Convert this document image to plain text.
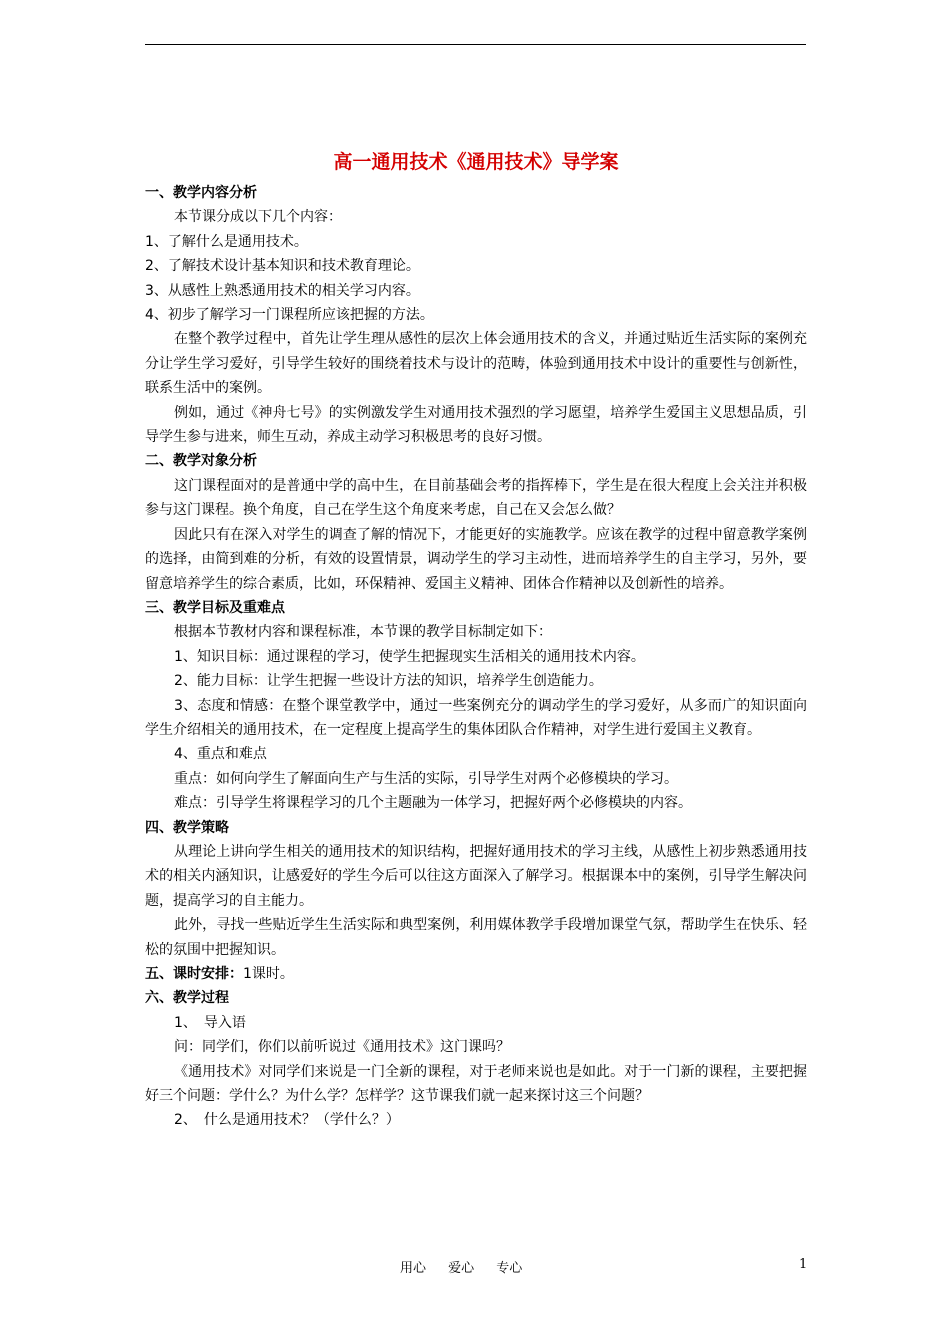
高一通用技术《通用技术》导学案
一、教学内容分析
本节课分成以下几个内容：
1、了解什么是通用技术。
2、了解技术设计基本知识和技术教育理论。
3、从感性上熟悉通用技术的相关学习内容。
4、初步了解学习一门课程所应该把握的方法。
在整个教学过程中，首先让学生理从感性的层次上体会通用技术的含义，并通过贴近生活实际的案例充分让学生学习爱好，引导学生较好的围绕着技术与设计的范畴，体验到通用技术中设计的重要性与创新性，联系生活中的案例。
例如，通过《神舟七号》的实例激发学生对通用技术强烈的学习愿望，培养学生爱国主义思想品质，引导学生参与进来，师生互动，养成主动学习积极思考的良好习惯。
二、教学对象分析
这门课程面对的是普通中学的高中生，在目前基础会考的指挥棒下，学生是在很大程度上会关注并积极参与这门课程。换个角度，自己在学生这个角度来考虑，自己在又会怎么做？
因此只有在深入对学生的调查了解的情况下，才能更好的实施教学。应该在教学的过程中留意教学案例的选择，由简到难的分析，有效的设置情景，调动学生的学习主动性，进而培养学生的自主学习，另外，要留意培养学生的综合素质，比如，环保精神、爱国主义精神、团体合作精神以及创新性的培养。
三、教学目标及重难点
根据本节教材内容和课程标准，本节课的教学目标制定如下：
1、知识目标：通过课程的学习，使学生把握现实生活相关的通用技术内容。
2、能力目标：让学生把握一些设计方法的知识，培养学生创造能力。
3、态度和情感：在整个课堂教学中，通过一些案例充分的调动学生的学习爱好，从多而广的知识面向学生介绍相关的通用技术，在一定程度上提高学生的集体团队合作精神，对学生进行爱国主义教育。
4、重点和难点
重点：如何向学生了解面向生产与生活的实际，引导学生对两个必修模块的学习。
难点：引导学生将课程学习的几个主题融为一体学习，把握好两个必修模块的内容。
四、教学策略
从理论上讲向学生相关的通用技术的知识结构，把握好通用技术的学习主线，从感性上初步熟悉通用技术的相关内涵知识，让感爱好的学生今后可以往这方面深入了解学习。根据课本中的案例，引导学生解决问题，提高学习的自主能力。
此外，寻找一些贴近学生生活实际和典型案例，利用媒体教学手段增加课堂气氛，帮助学生在快乐、轻松的氛围中把握知识。
五、课时安排：1课时。
六、教学过程
1、　导入语
问：同学们，你们以前听说过《通用技术》这门课吗？
《通用技术》对同学们来说是一门全新的课程，对于老师来说也是如此。对于一门新的课程，主要把握好三个问题：学什么？为什么学？怎样学？这节课我们就一起来探讨这三个问题？
2、　什么是通用技术？（学什么？）
用心 爱心 专心	1
